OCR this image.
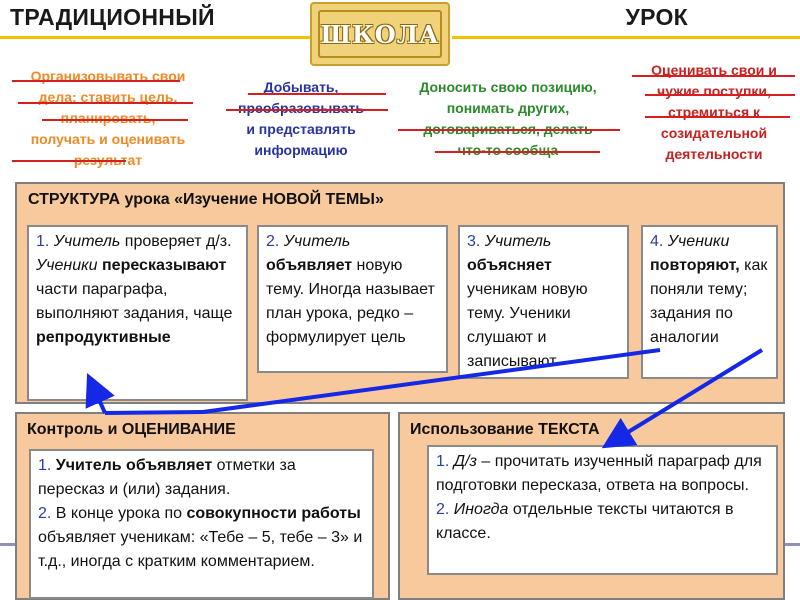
ТРАДИЦИОННЫЙ	УРОК
ШКОЛА
Организовывать свои
дела: ставить цель,
планировать,
получать и оценивать
результат
Добывать,
преобразовывать
и представлять
информацию
Доносить свою позицию,
понимать других,
договариваться, делать
что-то сообща
Оценивать свои и
чужие поступки,
стремиться к
созидательной
деятельности
СТРУКТУРА урока «Изучение НОВОЙ ТЕМЫ»
1. Учитель проверяет д/з. Ученики пересказывают части параграфа, выполняют задания, чаще репродуктивные
2. Учитель объявляет новую тему. Иногда называет план урока, редко – формулирует цель
3. Учитель объясняет ученикам новую тему. Ученики слушают и записывают
4. Ученики повторяют, как поняли тему; задания по аналогии
Контроль и ОЦЕНИВАНИЕ
1. Учитель объявляет отметки за пересказ и (или) задания.
2. В конце урока по совокупности работы объявляет ученикам: «Тебе – 5, тебе – 3» и т.д., иногда с кратким комментарием.
Использование ТЕКСТА
1. Д/з – прочитать изученный параграф для подготовки пересказа, ответа на вопросы.
2. Иногда отдельные тексты читаются в классе.
